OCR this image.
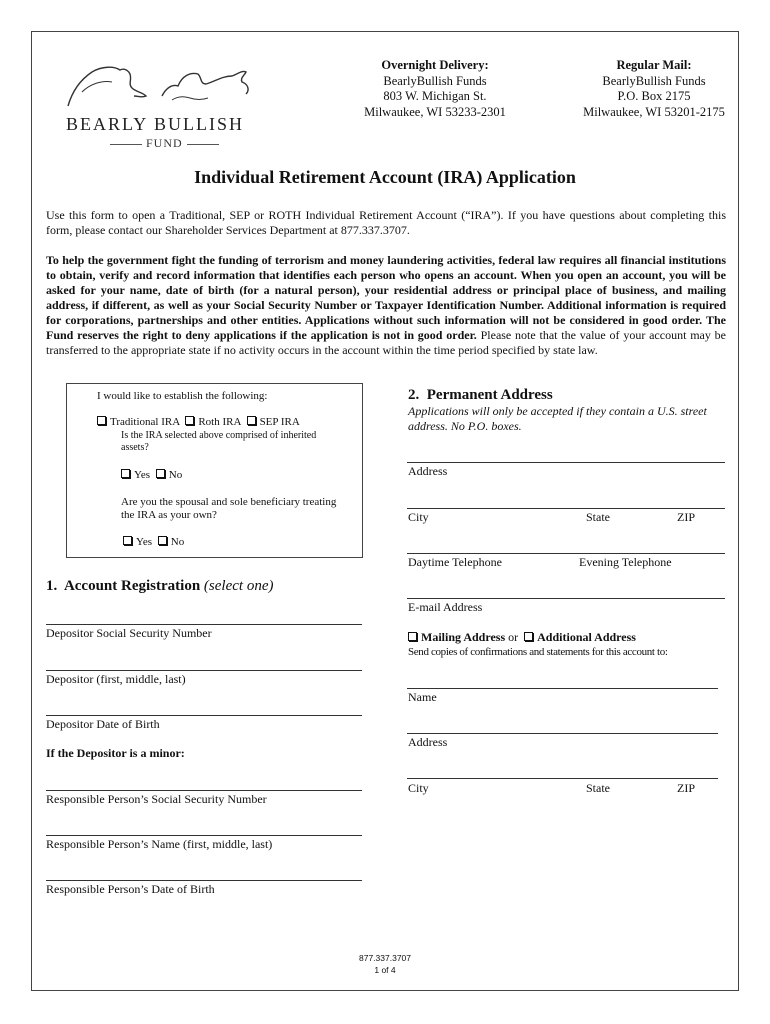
BEARLY BULLISH
FUND
Overnight Delivery:
BearlyBullish Funds
803 W. Michigan St.
Milwaukee, WI 53233-2301
Regular Mail:
BearlyBullish Funds
P.O. Box 2175
Milwaukee, WI 53201-2175
Individual Retirement Account (IRA) Application
Use this form to open a Traditional, SEP or ROTH Individual Retirement Account (“IRA”). If you have questions about completing this form, please contact our Shareholder Services Department at 877.337.3707.
To help the government fight the funding of terrorism and money laundering activities, federal law requires all financial institutions to obtain, verify and record information that identifies each person who opens an account. When you open an account, you will be asked for your name, date of birth (for a natural person), your residential address or principal place of business, and mailing address, if different, as well as your Social Security Number or Taxpayer Identification Number. Additional information is required for corporations, partnerships and other entities. Applications without such information will not be considered in good order. The Fund reserves the right to deny applications if the application is not in good order. Please note that the value of your account may be transferred to the appropriate state if no activity occurs in the account within the time period specified by state law.
I would like to establish the following:
Traditional IRA Roth IRA SEP IRA
Is the IRA selected above comprised of inherited assets?
Yes No
Are you the spousal and sole beneficiary treating the IRA as your own?
Yes No
1. Account Registration (select one)
Depositor Social Security Number
Depositor (first, middle, last)
Depositor Date of Birth
If the Depositor is a minor:
Responsible Person’s Social Security Number
Responsible Person’s Name (first, middle, last)
Responsible Person’s Date of Birth
2. Permanent Address
Applications will only be accepted if they contain a U.S. street address. No P.O. boxes.
Address
City	State	ZIP
Daytime Telephone	Evening Telephone
E-mail Address
Mailing Address or Additional Address
Send copies of confirmations and statements for this account to:
Name
Address
City	State	ZIP
877.337.3707
1 of 4
